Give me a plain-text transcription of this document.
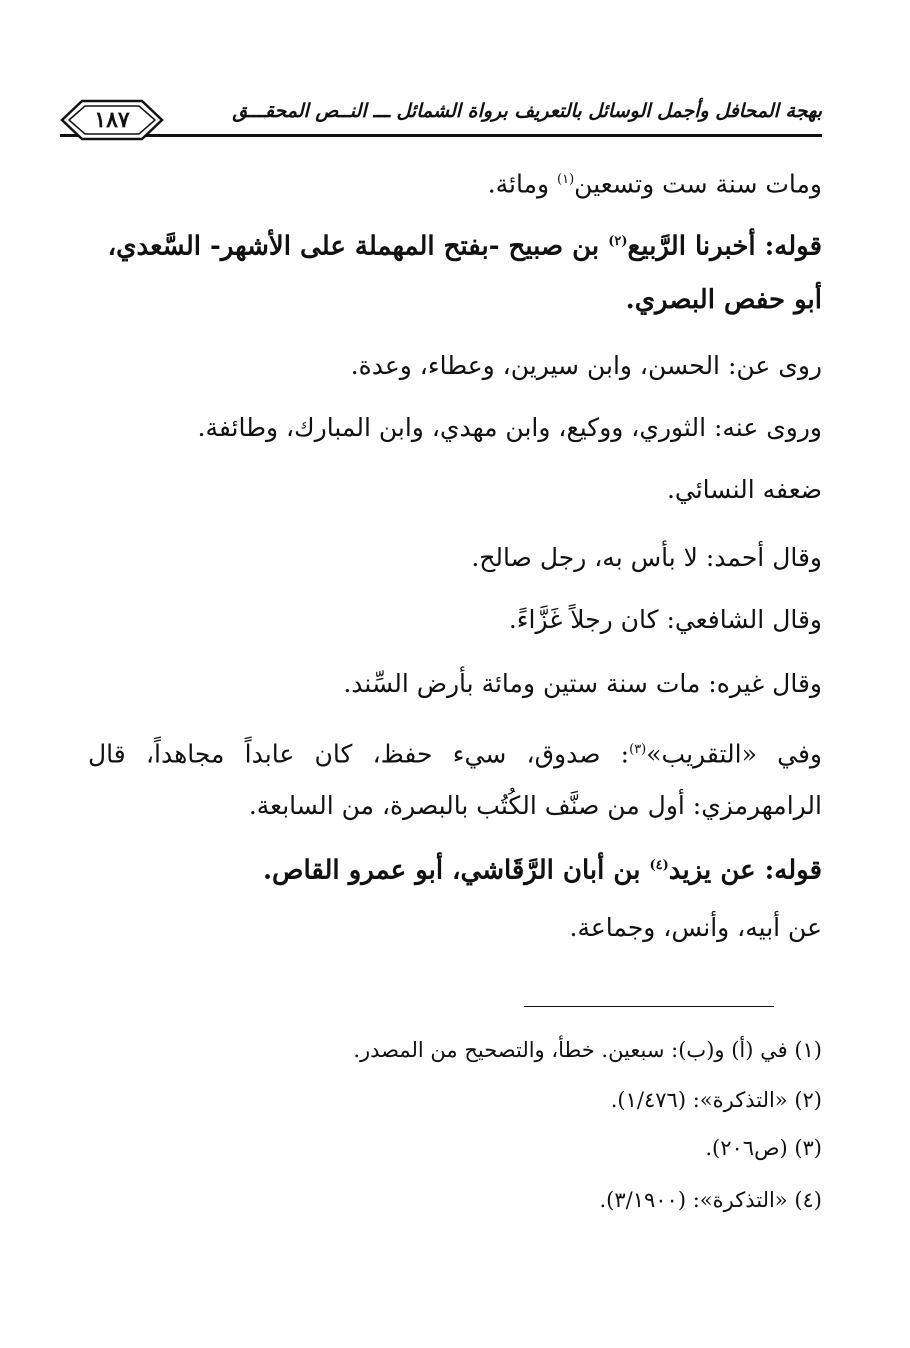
بهجة المحافل وأجمل الوسائل بالتعريف برواة الشمائل ـــ النــص المحقـــق
١٨٧
ومات سنة ست وتسعين$^{(١)}$ ومائة.
قوله: أخبرنا الرَّبيع$^{(٢)}$ بن صبيح -بفتح المهملة على الأشهر- السَّعدي،
أبو حفص البصري.
روى عن: الحسن، وابن سيرين، وعطاء، وعدة.
وروى عنه: الثوري، ووكيع، وابن مهدي، وابن المبارك، وطائفة.
ضعفه النسائي.
وقال أحمد: لا بأس به، رجل صالح.
وقال الشافعي: كان رجلاً غَزَّاءً.
وقال غيره: مات سنة ستين ومائة بأرض السِّند.
وفي «التقريب»$^{(٣)}$: صدوق، سيء حفظ، كان عابداً مجاهداً، قال
الرامهرمزي: أول من صنَّف الكُتُب بالبصرة، من السابعة.
قوله: عن يزيد$^{(٤)}$ بن أبان الرَّقَاشي، أبو عمرو القاص.
عن أبيه، وأنس، وجماعة.
(١) في (أ) و(ب): سبعين. خطأ، والتصحيح من المصدر.
(٢) «التذكرة»: (١/٤٧٦).
(٣) (ص٢٠٦).
(٤) «التذكرة»: (٣/١٩٠٠).
